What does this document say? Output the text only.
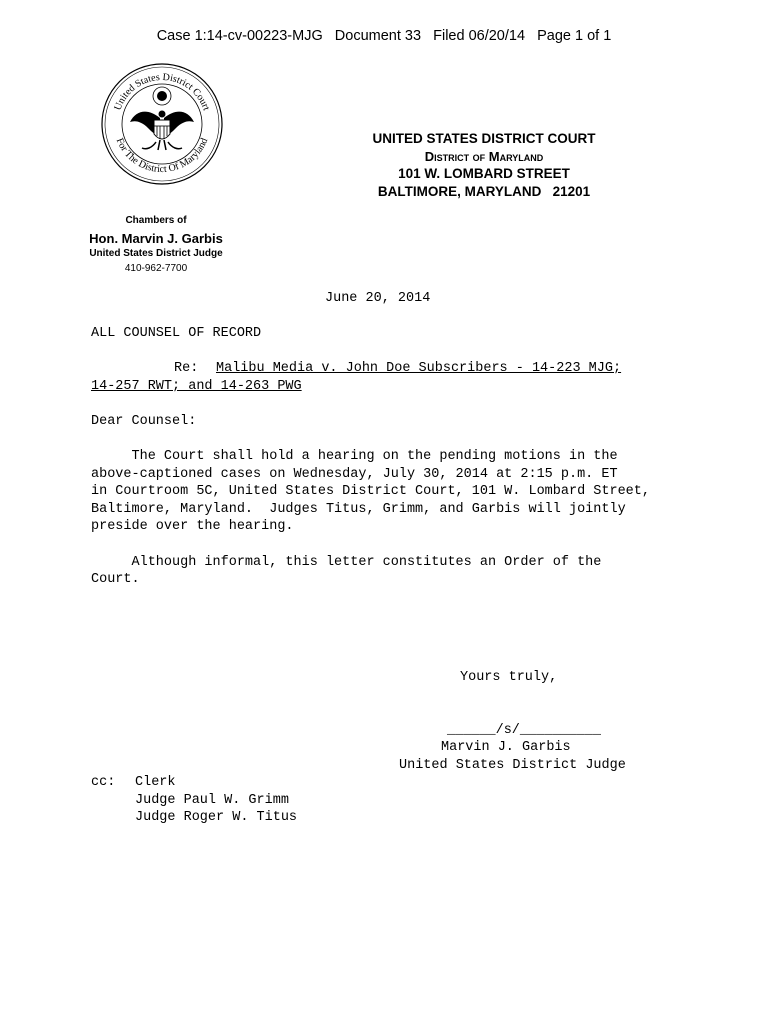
Case 1:14-cv-00223-MJG   Document 33   Filed 06/20/14   Page 1 of 1
United States District Court
For The District Of Maryland	UNITED STATES DISTRICT COURT
District of Maryland
101 W. LOMBARD STREET
BALTIMORE, MARYLAND   21201
Chambers of
Hon. Marvin J. Garbis
United States District Judge
410-962-7700
June 20, 2014
ALL COUNSEL OF RECORD
Re: Malibu Media v. John Doe Subscribers - 14-223 MJG;
14-257 RWT; and 14-263 PWG
Dear Counsel:
The Court shall hold a hearing on the pending motions in the
above-captioned cases on Wednesday, July 30, 2014 at 2:15 p.m. ET
in Courtroom 5C, United States District Court, 101 W. Lombard Street,
Baltimore, Maryland.  Judges Titus, Grimm, and Garbis will jointly
preside over the hearing.
Although informal, this letter constitutes an Order of the
Court.
Yours truly,
______/s/__________
Marvin J. Garbis
United States District Judge
cc: Clerk
Judge Paul W. Grimm
Judge Roger W. Titus
